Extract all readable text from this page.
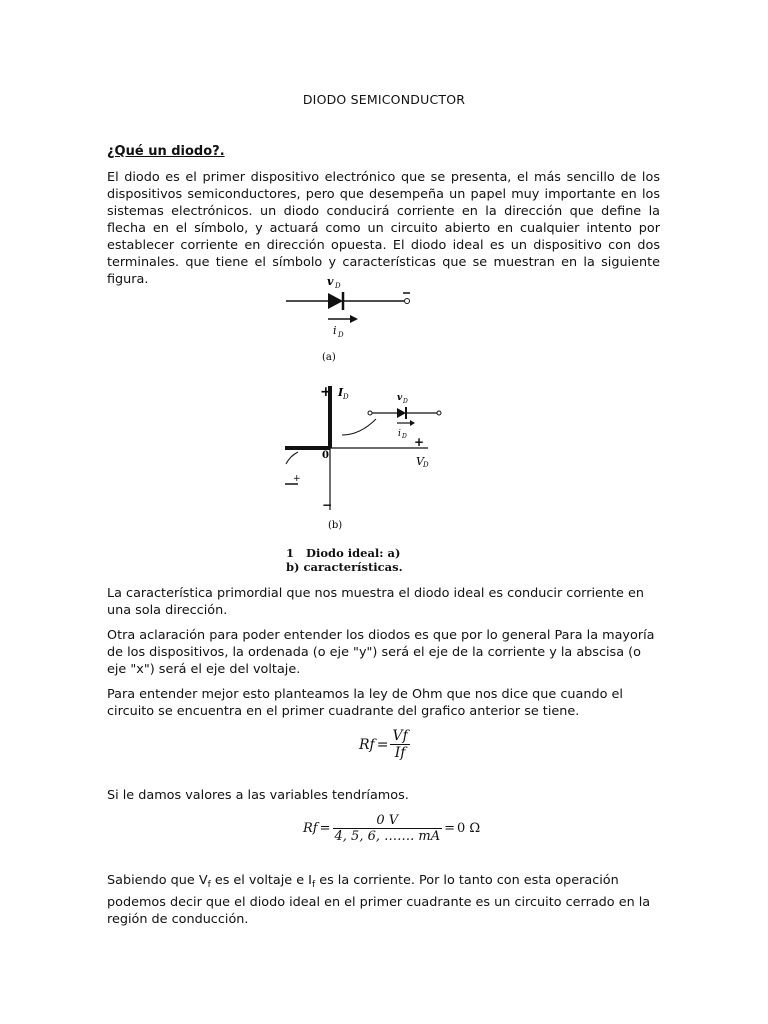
DIODO SEMICONDUCTOR
¿Qué un diodo?.
El diodo es el primer dispositivo electrónico que se presenta, el más sencillo de los dispositivos semiconductores, pero que desempeña un papel muy importante en los sistemas electrónicos. un diodo conducirá corriente en la dirección que define la flecha en el símbolo, y actuará como un circuito abierto en cualquier intento por establecer corriente en dirección opuesta. El diodo ideal es un dispositivo con dos terminales. que tiene el símbolo y características que se muestran en la siguiente figura.	v D
i D
(a)
+ I D
0
+
V D
−
+
v D
i D
(b)
1   Diodo ideal: a)
b) características.
La característica primordial que nos muestra el diodo ideal es conducir corriente en una sola dirección.
Otra aclaración para poder entender los diodos es que por lo general Para la mayoría de los dispositivos, la ordenada (o eje "y") será el eje de la corriente y la abscisa (o eje "x") será el eje del voltaje.
Para entender mejor esto planteamos la ley de Ohm que nos dice que cuando el circuito se encuentra en el primer cuadrante del grafico anterior se tiene.
$Rf = \frac{Vf}{If}$
Si le damos valores a las variables tendríamos.
$Rf = \frac{0 V}{4, 5, 6, \dots\dots. mA} = 0$ Ω
Sabiendo que $V_f$ es el voltaje e $I_f$ es la corriente. Por lo tanto con esta operación podemos decir que el diodo ideal en el primer cuadrante es un circuito cerrado en la región de conducción.
